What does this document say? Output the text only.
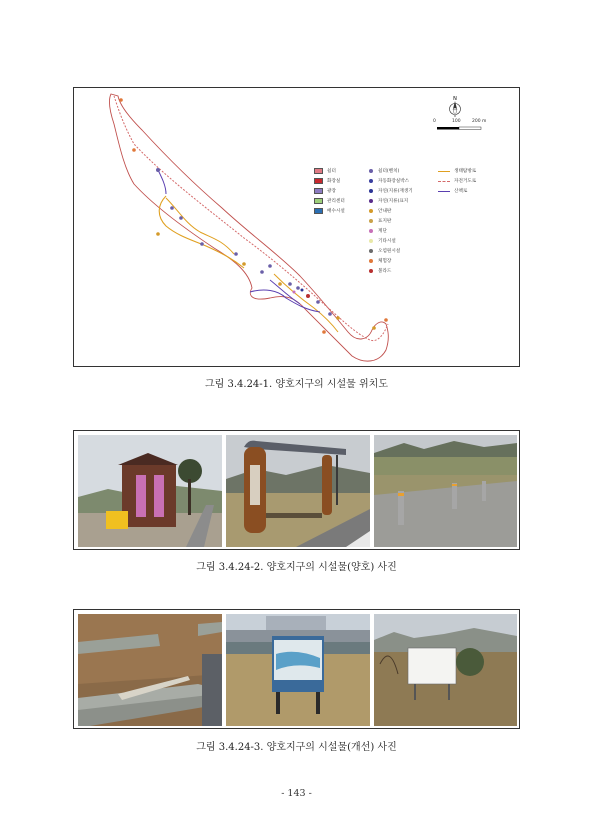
N
0	100	200 m
쉼터
화장실
광장
관리센터
배수시설
쉼터(벤치)
자동화장실박스
자연(지류)재생기
자연(지류)표지
안내판
표지판
계단
기타시설
오염원시설
체험장
볼라드
생태탐방로
자전거도로
산책로
그림 3.4.24-1. 양호지구의 시설물 위치도
그림 3.4.24-2. 양호지구의 시설물(양호) 사진
그림 3.4.24-3. 양호지구의 시설물(개선) 사진
- 143 -
